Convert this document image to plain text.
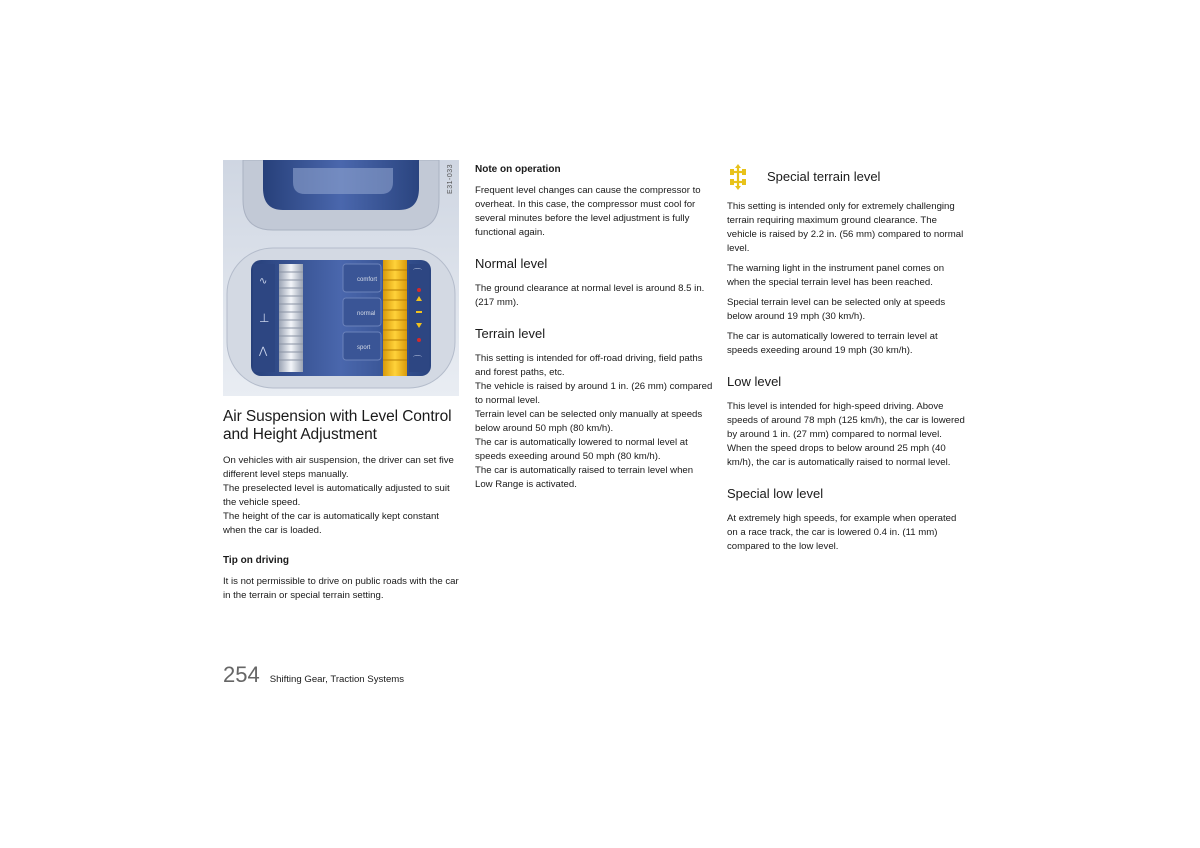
∿
⊥
⋀
comfort
normal
sport
⌒
⌒
E31-033
Air Suspension with Level Control and Height Adjustment

On vehicles with air suspension, the driver can set five different level steps manually.

The preselected level is automatically adjusted to suit the vehicle speed.

The height of the car is automatically kept constant when the car is loaded.

Tip on driving

It is not permissible to drive on public roads with the car in the terrain or special terrain setting.

Note on operation

Frequent level changes can cause the compressor to overheat. In this case, the compressor must cool for several minutes before the level adjustment is fully functional again.

Normal level

The ground clearance at normal level is around 8.5 in. (217 mm).

Terrain level

This setting is intended for off-road driving, field paths and forest paths, etc.

The vehicle is raised by around 1 in. (26 mm) compared to normal level.

Terrain level can be selected only manually at speeds below around 50 mph (80 km/h).

The car is automatically lowered to normal level at speeds exeeding around 50 mph (80 km/h).

The car is automatically raised to terrain level when Low Range is activated.

Special terrain level

This setting is intended only for extremely challenging terrain requiring maximum ground clearance. The vehicle is raised by 2.2 in. (56 mm) compared to normal level.

The warning light in the instrument panel comes on when the special terrain level has been reached.

Special terrain level can be selected only at speeds below around 19 mph (30 km/h).

The car is automatically lowered to terrain level at speeds exeeding around 19 mph (30 km/h).

Low level

This level is intended for high-speed driving. Above speeds of around 78 mph (125 km/h), the car is lowered by around 1 in. (27 mm) compared to normal level.

When the speed drops to below around 25 mph (40 km/h), the car is automatically raised to normal level.

Special low level

At extremely high speeds, for example when operated on a race track, the car is lowered 0.4 in. (11 mm) compared to the low level.

254 Shifting Gear, Traction Systems
